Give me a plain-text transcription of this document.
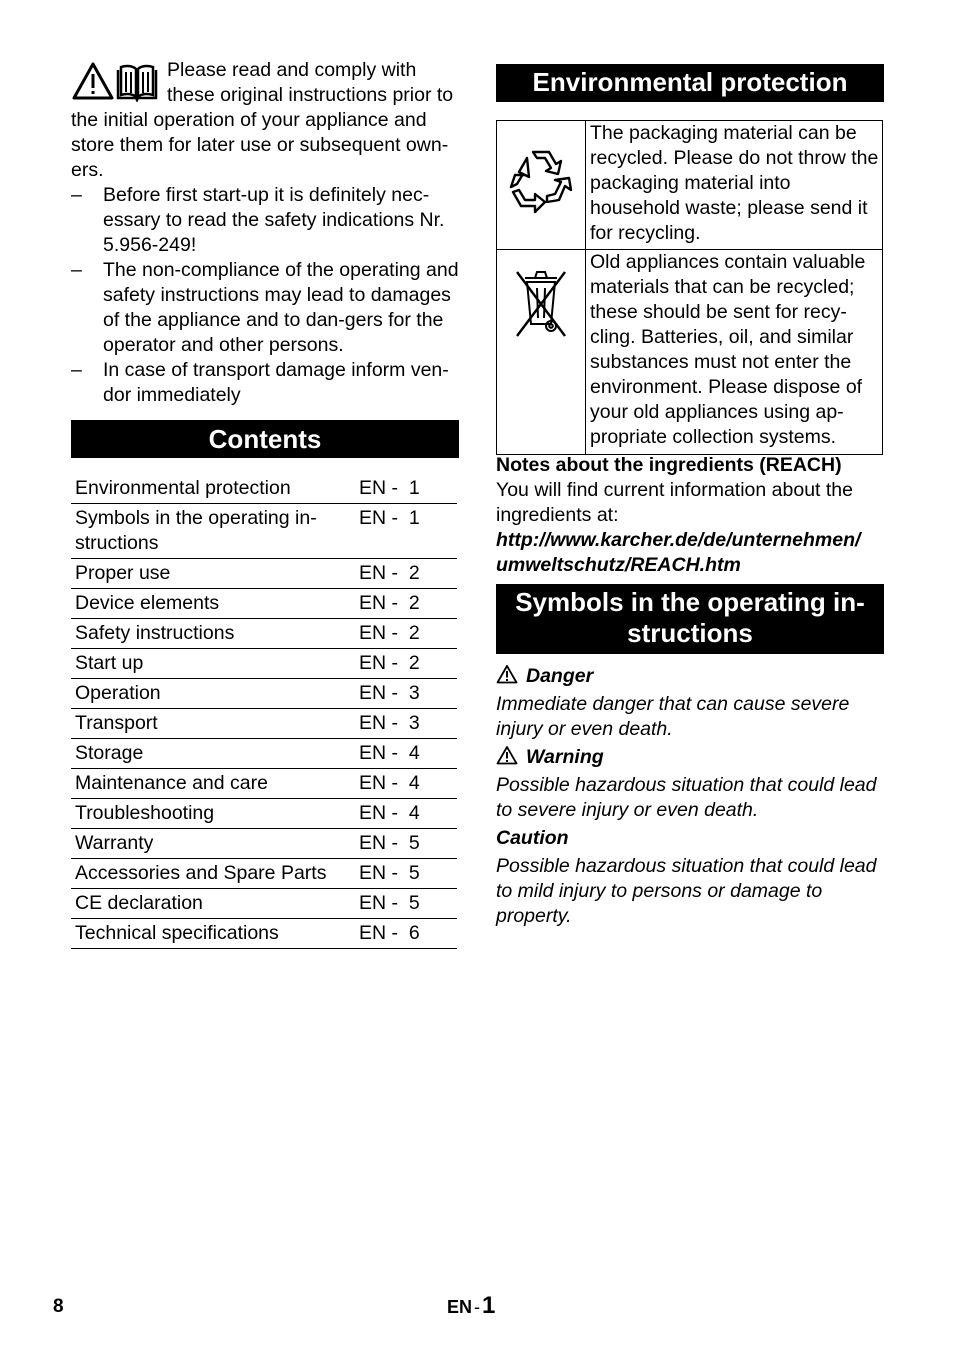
Please read and comply with these original instructions prior to the initial operation of your appliance and store them for later use or subsequent own-ers.

– Before first start-up it is definitely nec-essary to read the safety indications Nr. 5.956-249!
– The non-compliance of the operating and safety instructions may lead to damages of the appliance and to dan-gers for the operator and other persons.
– In case of transport damage inform ven-dor immediately
Contents
Environmental protection	EN -  1
Symbols in the operating in-structions	EN -  1
Proper use	EN -  2
Device elements	EN -  2
Safety instructions	EN -  2
Start up	EN -  2
Operation	EN -  3
Transport	EN -  3
Storage	EN -  4
Maintenance and care	EN -  4
Troubleshooting	EN -  4
Warranty	EN -  5
Accessories and Spare Parts	EN -  5
CE declaration	EN -  5
Technical specifications	EN -  6
Environmental protection
	The packaging material can be recycled. Please do not throw the packaging material into household waste; please send it for recycling.
	Old appliances contain valuable materials that can be recycled; these should be sent for recy-cling. Batteries, oil, and similar substances must not enter the environment. Please dispose of your old appliances using ap-propriate collection systems.

Notes about the ingredients (REACH)

You will find current information about the ingredients at:

http://www.karcher.de/de/unternehmen/

umweltschutz/REACH.htm

Symbols in the operating in-
structions

Danger

Immediate danger that can cause severe injury or even death.

Warning

Possible hazardous situation that could lead to severe injury or even death.

Caution

Possible hazardous situation that could lead to mild injury to persons or damage to property.

8	EN -1
